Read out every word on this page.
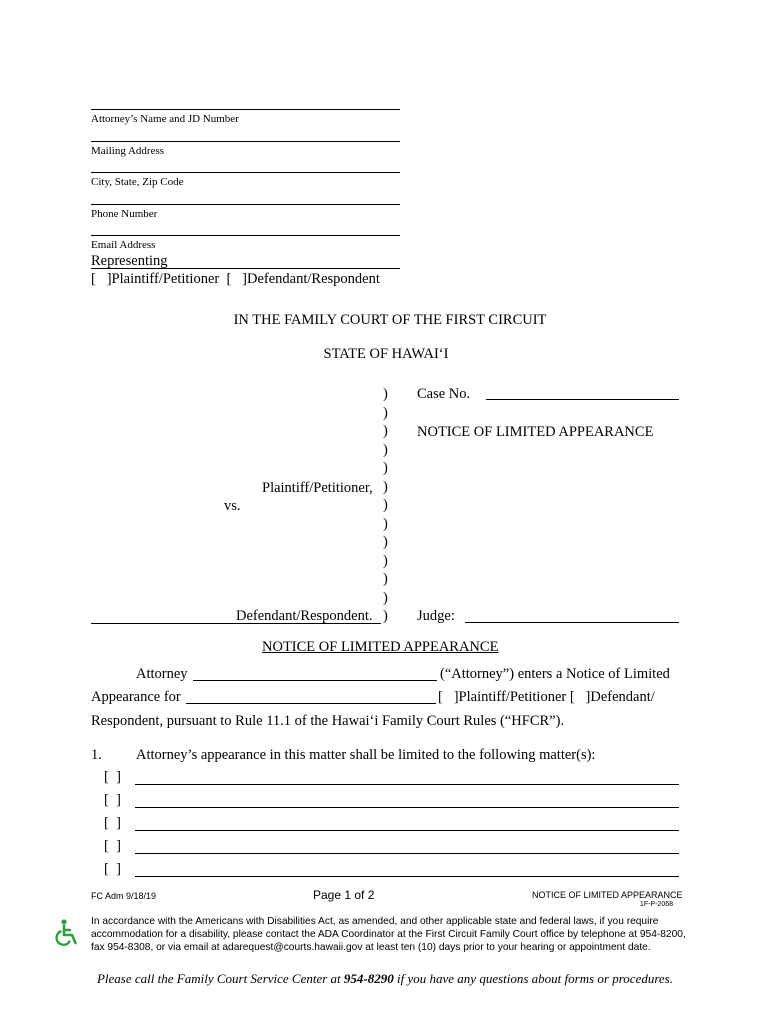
Attorney’s Name and JD Number
Mailing Address
City, State, Zip Code
Phone Number
Email Address
Representing
[   ]Plaintiff/Petitioner  [   ]Defendant/Respondent
IN THE FAMILY COURT OF THE FIRST CIRCUIT
STATE OF HAWAIʻI
)
)
)
)
)
)
)
)
)
)
)
)
)
Case No.
NOTICE OF LIMITED APPEARANCE
Plaintiff/Petitioner,
vs.
Defendant/Respondent.	Judge:
NOTICE OF LIMITED APPEARANCE
Attorney	(“Attorney”) enters a Notice of Limited
Appearance for	[   ]Plaintiff/Petitioner [   ]Defendant/
Respondent, pursuant to Rule 11.1 of the Hawaiʻi Family Court Rules (“HFCR”).
1. Attorney’s appearance in this matter shall be limited to the following matter(s):
[  ]
[  ]
[  ]
[  ]
[  ]
FC Adm 9/18/19	Page 1 of 2	NOTICE OF LIMITED APPEARANCE
1F-P-2068
In accordance with the Americans with Disabilities Act, as amended, and other applicable state and federal laws, if you require accommodation for a disability, please contact the ADA Coordinator at the First Circuit Family Court office by telephone at 954-8200, fax 954-8308, or via email at adarequest@courts.hawaii.gov at least ten (10) days prior to your hearing or appointment date.
Please call the Family Court Service Center at 954-8290 if you have any questions about forms or procedures.
